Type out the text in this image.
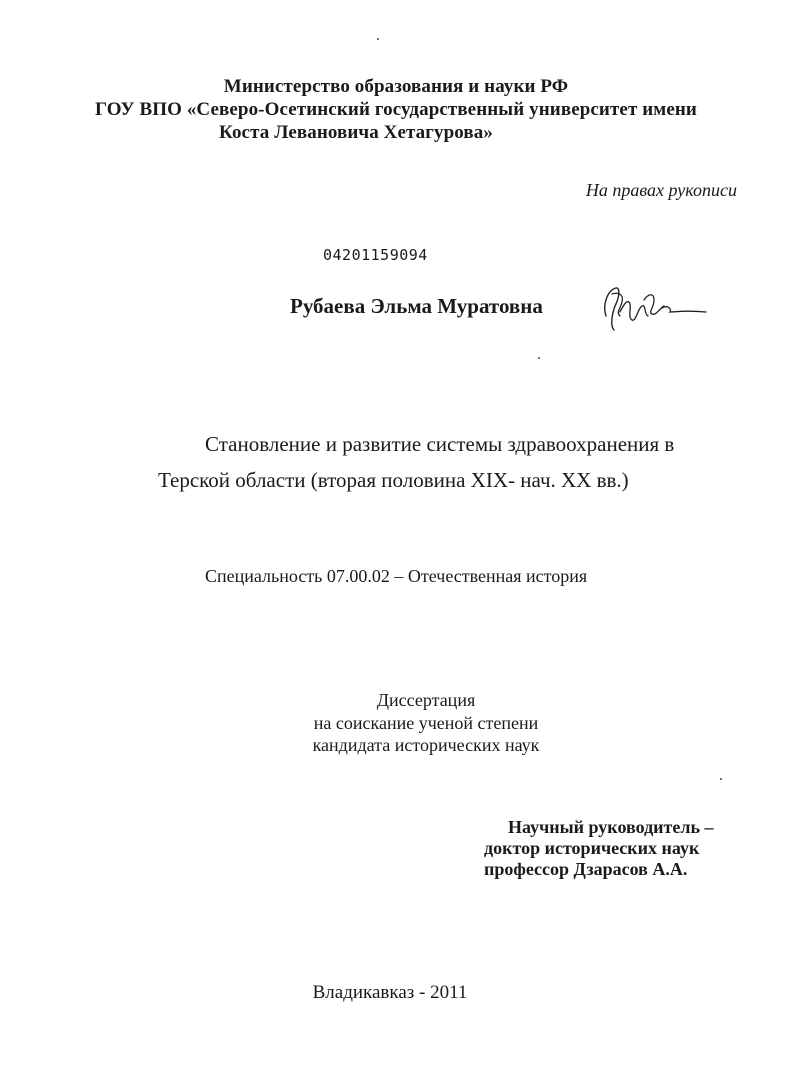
Министерство образования и науки РФ
ГОУ ВПО «Северо-Осетинский государственный университет имени
Коста Левановича Хетагурова»
На правах рукописи
04201159094
Рубаева Эльма Муратовна
Становление и развитие системы здравоохранения в
Терской области (вторая половина XIX- нач. XX вв.)
Специальность 07.00.02 – Отечественная история
Диссертация
на соискание ученой степени
кандидата исторических наук
Научный руководитель –
доктор исторических наук
профессор Дзарасов А.А.
Владикавказ - 2011
